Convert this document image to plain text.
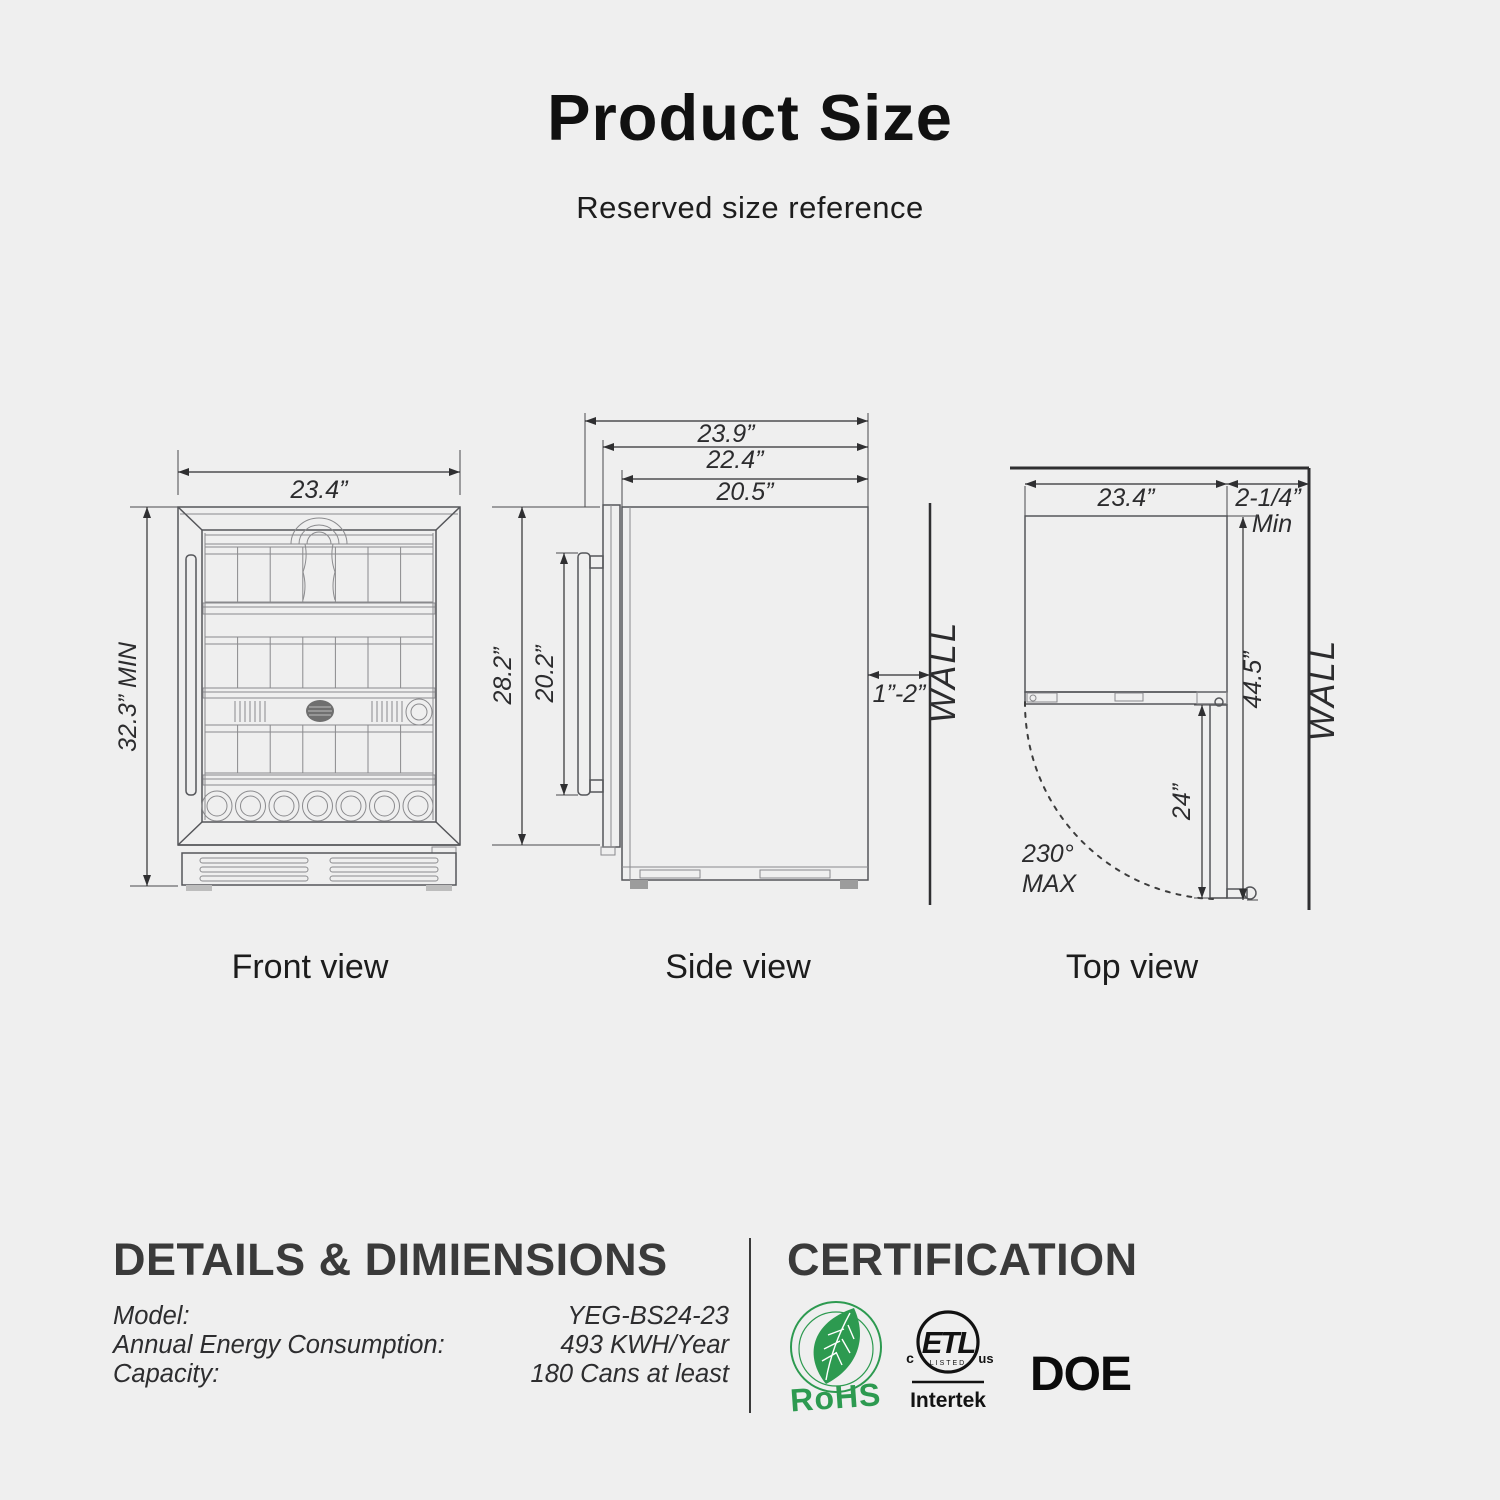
Product Size
Reserved size reference
23.4”
32.3” MIN
23.9”
22.4”
20.5”
28.2” 20.2”	1”-2”
WALL	WALL
23.4”	2-1/4”
Min
230°
MAX
24”
44.5”
Front view	Side view	Top view
DETAILS & DIMIENSIONS	CERTIFICATION
Model:	YEG-BS24-23
Annual Energy Consumption:	493 KWH/Year
Capacity:	180 Cans at least
RoHS
ETL
LISTED
c	us
Intertek DOE
